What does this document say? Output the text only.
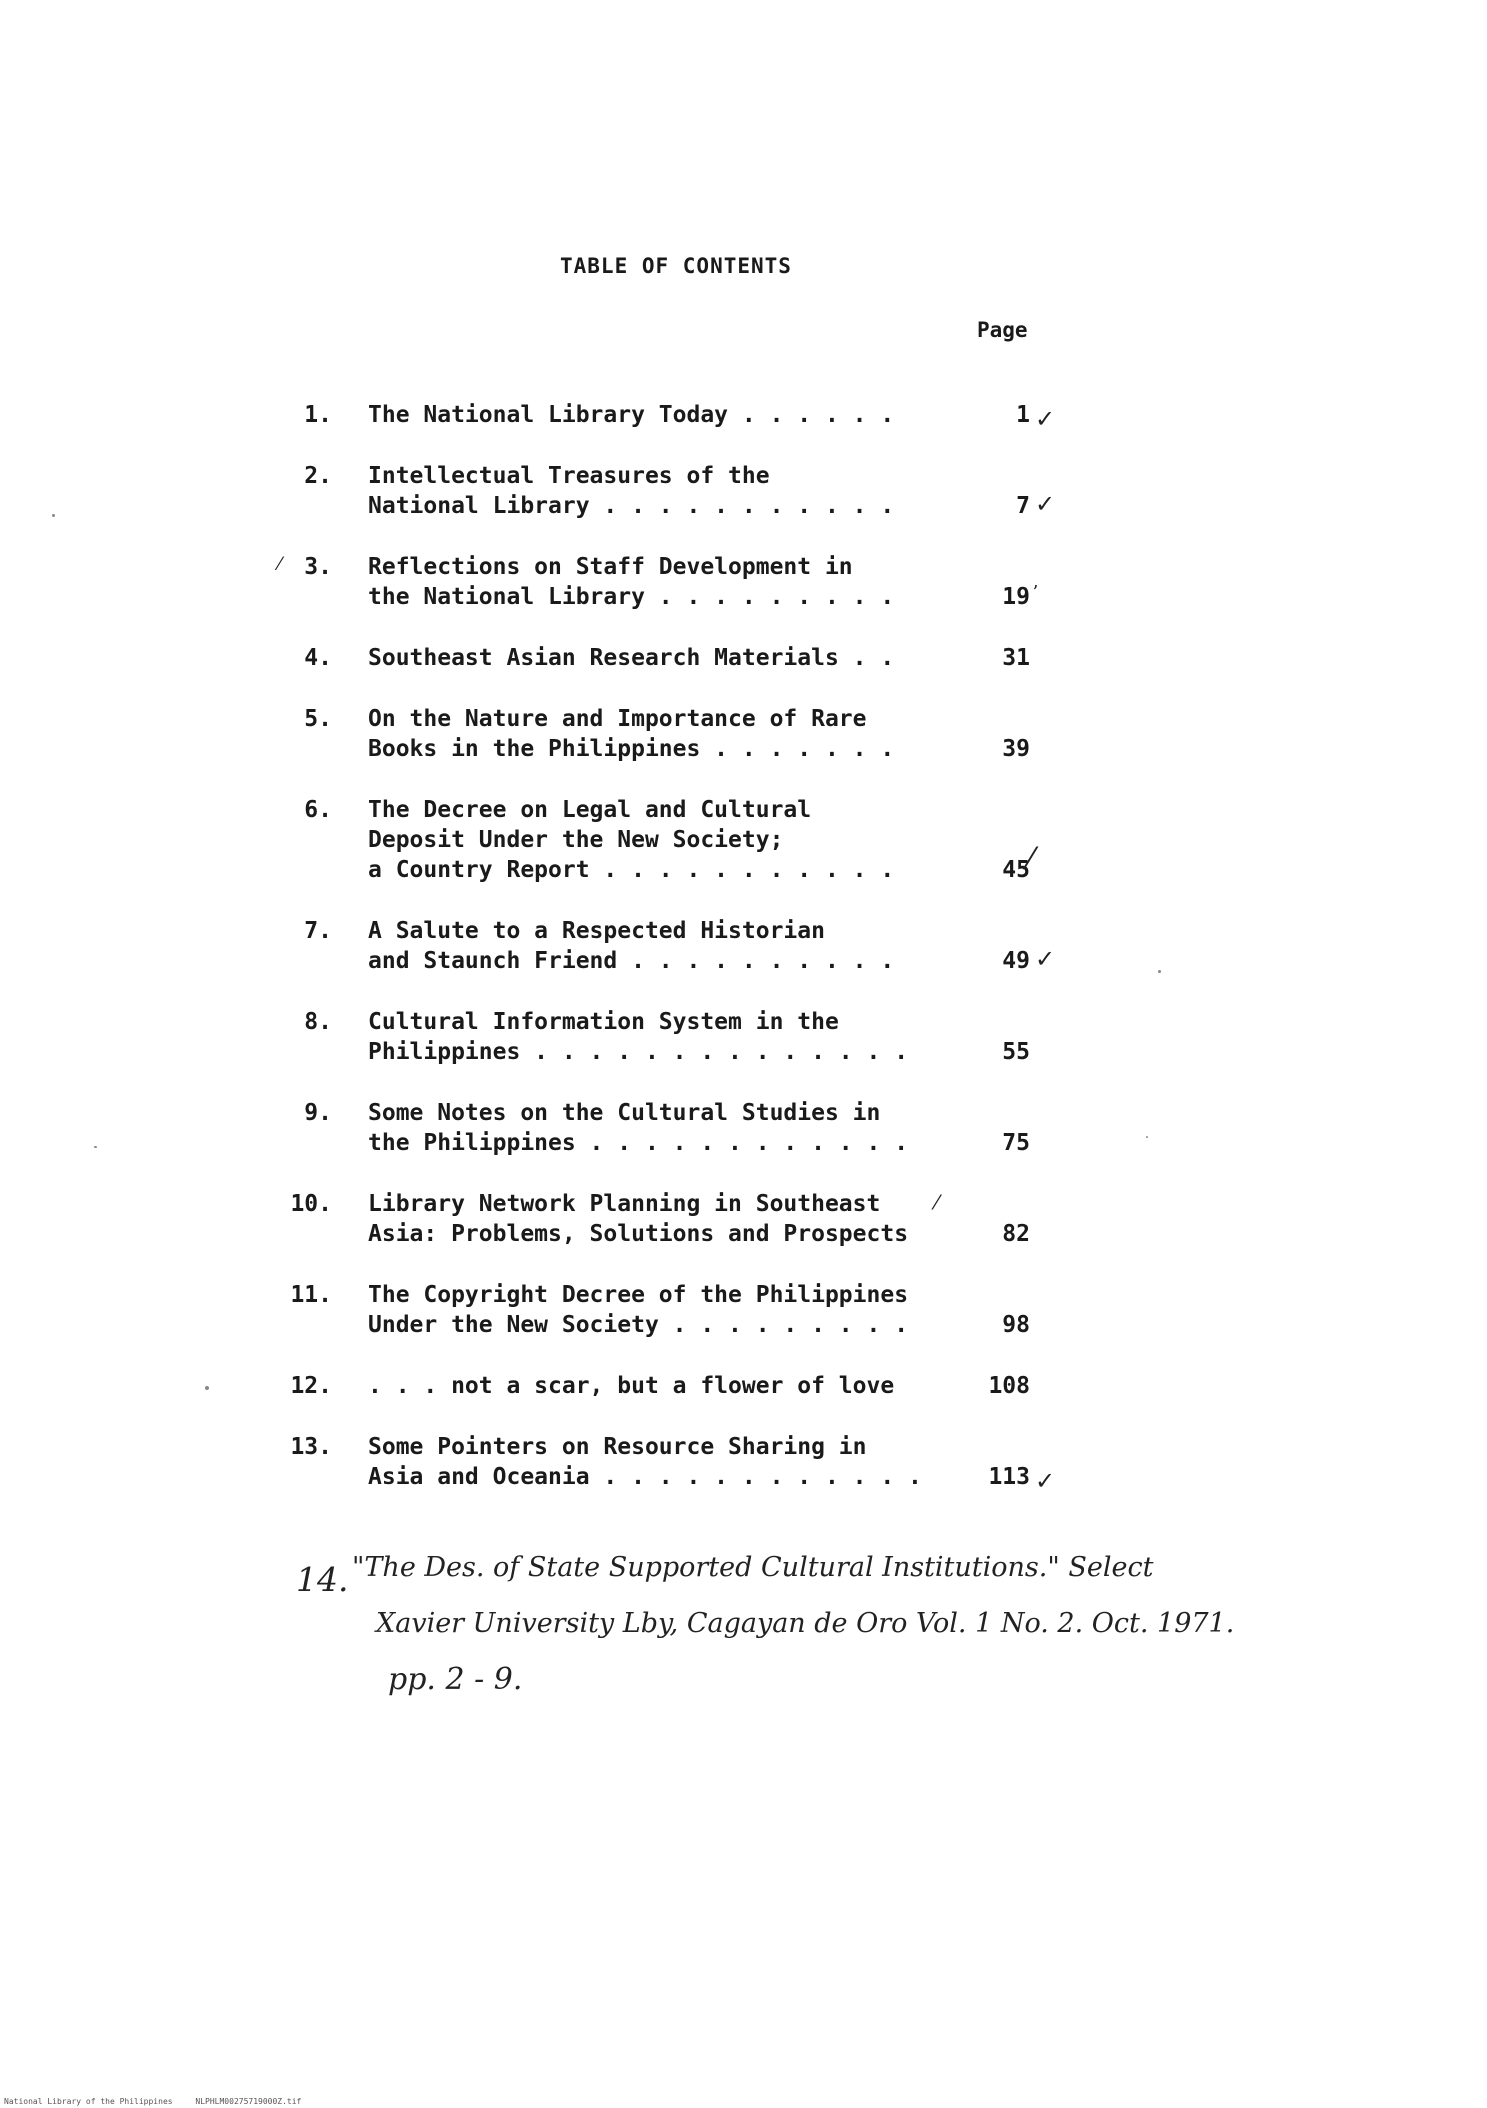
TABLE OF CONTENTS
Page
1. The National Library Today . . . . . .	1 ✓
2. Intellectual Treasures of the
National Library . . . . . . . . . . .	7 ✓
⁄	3. Reflections on Staff Development in
the National Library . . . . . . . . .	19 ʼ
4. Southeast Asian Research Materials . .	31
5. On the Nature and Importance of Rare
Books in the Philippines . . . . . . .	39
6. The Decree on Legal and Cultural
Deposit Under the New Society;
a Country Report . . . . . . . . . . .	45
⁄
7. A Salute to a Respected Historian
and Staunch Friend . . . . . . . . . .	49 ✓
8. Cultural Information System in the
Philippines . . . . . . . . . . . . . .	55
9. Some Notes on the Cultural Studies in
the Philippines . . . . . . . . . . . .	75
10. Library Network Planning in Southeast	⁄
Asia: Problems, Solutions and Prospects	82
11. The Copyright Decree of the Philippines
Under the New Society . . . . . . . . .	98
12. . . . not a scar, but a flower of love	108
13. Some Pointers on Resource Sharing in
Asia and Oceania . . . . . . . . . . . .	113 ✓
14. "The Des. of State Supported Cultural Institutions." Select
Xavier University Lby, Cagayan de Oro Vol. 1 No. 2. Oct. 1971.
pp. 2 - 9.
National Library of the Philippines	NLPHLM00275719000Z.tif
